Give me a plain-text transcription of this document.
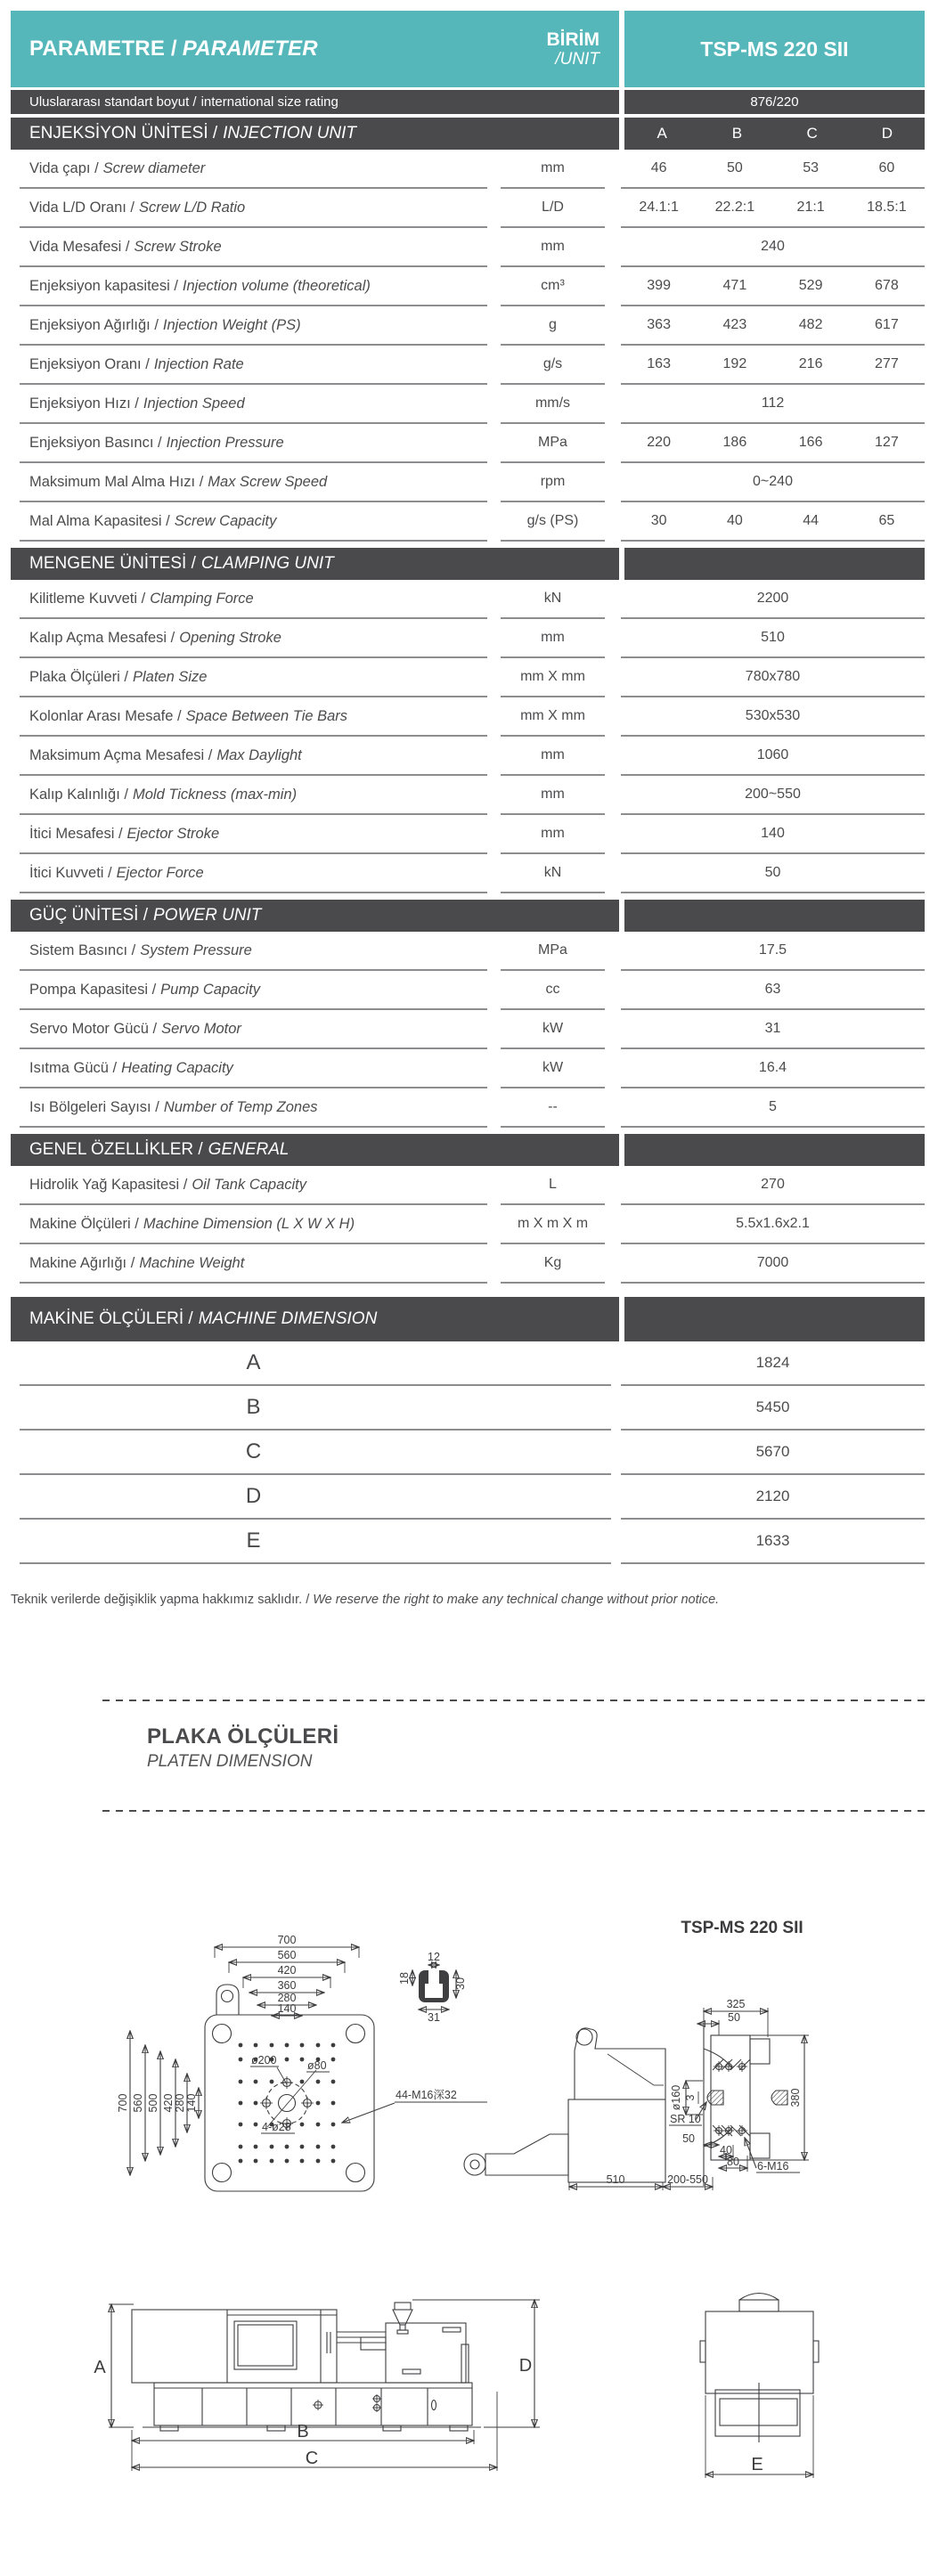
PARAMETRE / PARAMETER	BİRİM
/UNIT	TSP-MS 220 SII
Uluslararası standart boyut / international size rating	876/220
ENJEKSİYON ÜNİTESİ / INJECTION UNIT	A	B	C	D
Vida çapı / Screw diameter	mm	46	50	53	60
Vida L/D Oranı / Screw L/D Ratio	L/D	24.1:1	22.2:1	21:1	18.5:1
Vida Mesafesi / Screw Stroke	mm	240
Enjeksiyon kapasitesi / Injection volume (theoretical)	cm³	399	471	529	678
Enjeksiyon Ağırlığı / Injection Weight (PS)	g	363	423	482	617
Enjeksiyon Oranı / Injection Rate	g/s	163	192	216	277
Enjeksiyon Hızı / Injection Speed	mm/s	112
Enjeksiyon Basıncı / Injection Pressure	MPa	220	186	166	127
Maksimum Mal Alma Hızı / Max Screw Speed	rpm	0~240
Mal Alma Kapasitesi / Screw Capacity	g/s (PS)	30	40	44	65
MENGENE ÜNİTESİ / CLAMPING UNIT
Kilitleme Kuvveti / Clamping Force	kN	2200
Kalıp Açma Mesafesi / Opening Stroke	mm	510
Plaka Ölçüleri / Platen Size	mm X mm	780x780
Kolonlar Arası Mesafe / Space Between Tie Bars	mm X mm	530x530
Maksimum Açma Mesafesi / Max Daylight	mm	1060
Kalıp Kalınlığı / Mold Tickness (max-min)	mm	200~550
İtici Mesafesi / Ejector Stroke	mm	140
İtici Kuvveti / Ejector Force	kN	50
GÜÇ ÜNİTESİ / POWER UNIT
Sistem Basıncı / System Pressure	MPa	17.5
Pompa Kapasitesi / Pump Capacity	cc	63
Servo Motor Gücü / Servo Motor	kW	31
Isıtma Gücü / Heating Capacity	kW	16.4
Isı Bölgeleri Sayısı / Number of Temp Zones	--	5
GENEL ÖZELLİKLER / GENERAL
Hidrolik Yağ Kapasitesi / Oil Tank Capacity	L	270
Makine Ölçüleri / Machine Dimension (L X W X H)	m X m X m	5.5x1.6x2.1
Makine Ağırlığı / Machine Weight	Kg	7000
MAKİNE ÖLÇÜLERİ / MACHINE DIMENSION
A	1824
B	5450
C	5670
D	2120
E	1633
Teknik verilerde değişiklik yapma hakkımız saklıdır. / We reserve the right to make any technical change without prior notice.
PLAKA ÖLÇÜLERİ
PLATEN DIMENSION
TSP-MS 220 SII
700
560
420
360
280
140
700 560 500 420 280 140
ø200	ø80
4-ø28
44-M16深32
12
18	30
31
325
50
ø160 3
SR 10
380
50
40
80 6-M16
510	200-550
A
B
C
D
E
